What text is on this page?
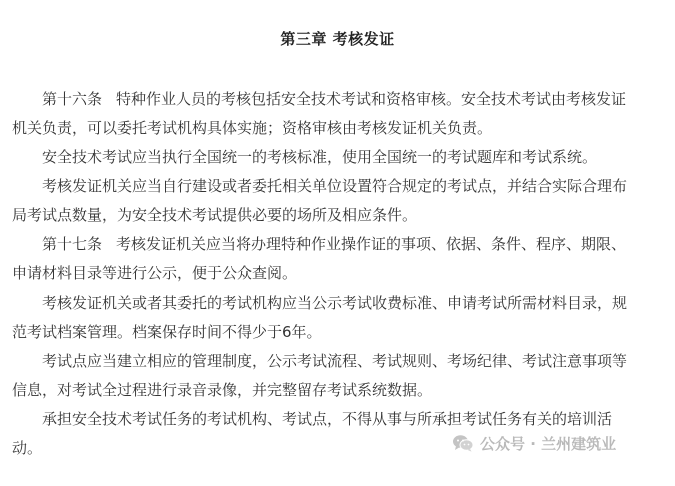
第三章 考核发证
第十六条 特种作业人员的考核包括安全技术考试和资格审核。安全技术考试由考核发证
机关负责，可以委托考试机构具体实施；资格审核由考核发证机关负责。
安全技术考试应当执行全国统一的考核标准，使用全国统一的考试题库和考试系统。
考核发证机关应当自行建设或者委托相关单位设置符合规定的考试点，并结合实际合理布
局考试点数量，为安全技术考试提供必要的场所及相应条件。
第十七条 考核发证机关应当将办理特种作业操作证的事项、依据、条件、程序、期限、
申请材料目录等进行公示，便于公众查阅。
考核发证机关或者其委托的考试机构应当公示考试收费标准、申请考试所需材料目录，规
范考试档案管理。档案保存时间不得少于6年。
考试点应当建立相应的管理制度，公示考试流程、考试规则、考场纪律、考试注意事项等
信息，对考试全过程进行录音录像，并完整留存考试系统数据。
承担安全技术考试任务的考试机构、考试点，不得从事与所承担考试任务有关的培训活
动。	公众号 · 兰州建筑业
